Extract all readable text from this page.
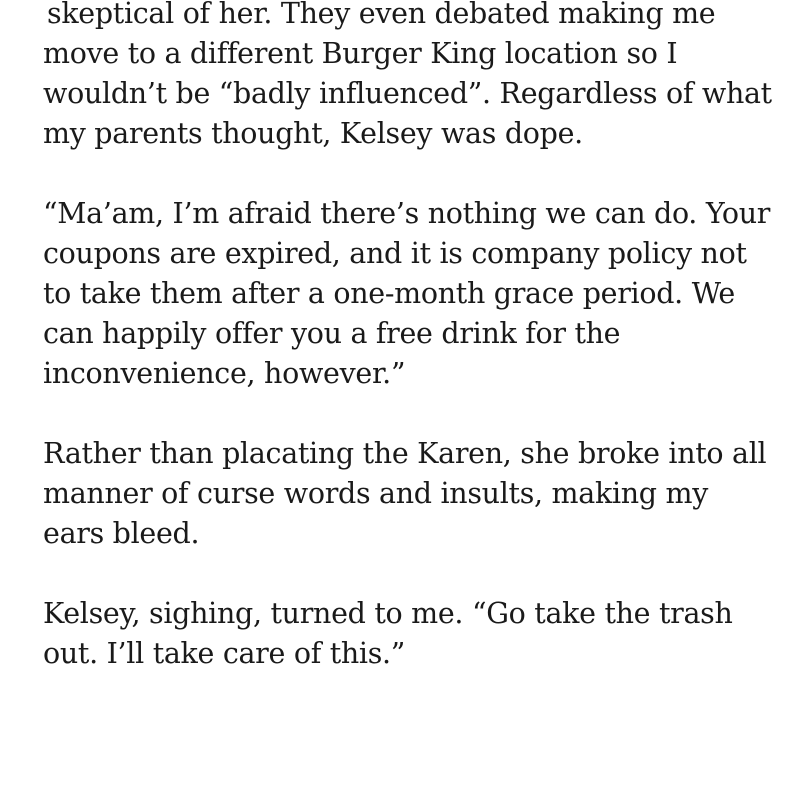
skeptical of her. They even debated making me move to a different Burger King location so I wouldn’t be “badly influenced”. Regardless of what my parents thought, Kelsey was dope.

“Ma’am, I’m afraid there’s nothing we can do. Your coupons are expired, and it is company policy not to take them after a one-month grace period. We can happily offer you a free drink for the inconvenience, however.”

Rather than placating the Karen, she broke into all manner of curse words and insults, making my ears bleed.

Kelsey, sighing, turned to me. “Go take the trash out. I’ll take care of this.”
